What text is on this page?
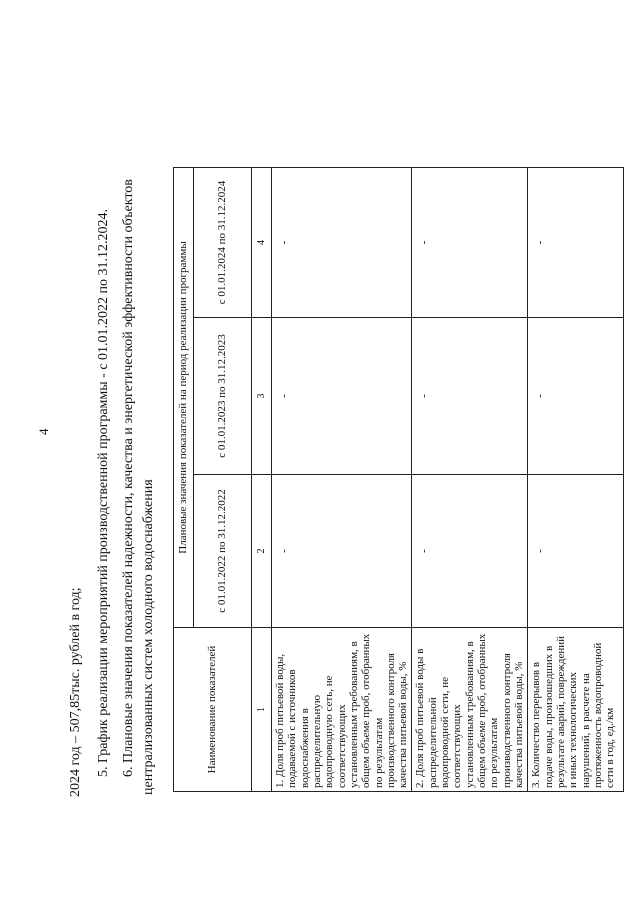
4
2024 год – 507,85тыс. рублей в год; 5. График реализации мероприятий производственной программы - с 01.01.2022 по 31.12.2024. 6. Плановые значения показателей надежности, качества и энергетической эффективности объектов централизованных систем холодного водоснабжения	Наименование показателей	Плановые значения показателей на период реализации программы		
	с 01.01.2022 по 31.12.2022	с 01.01.2023 по 31.12.2023	с 01.01.2024 по 31.12.2024
1	2	3	4
1. Доля проб питьевой воды, подаваемой с источников водоснабжения в распределительную водопроводную сеть, не соответствующих установленным требованиям, в общем объеме проб, отобранных по результатам производственного контроля качества питьевой воды, %	-	-	-
2. Доля проб питьевой воды в распределительной водопроводной сети, не соответствующих установленным требованиям, в общем объеме проб, отобранных по результатам производственного контроля качества питьевой воды, %	-	-	-
3. Количество перерывов в подаче воды, произошедших в результате аварий, повреждений и иных технологических нарушений, в расчете на протяженность водопроводной сети в год, ед./км	-	-	-
